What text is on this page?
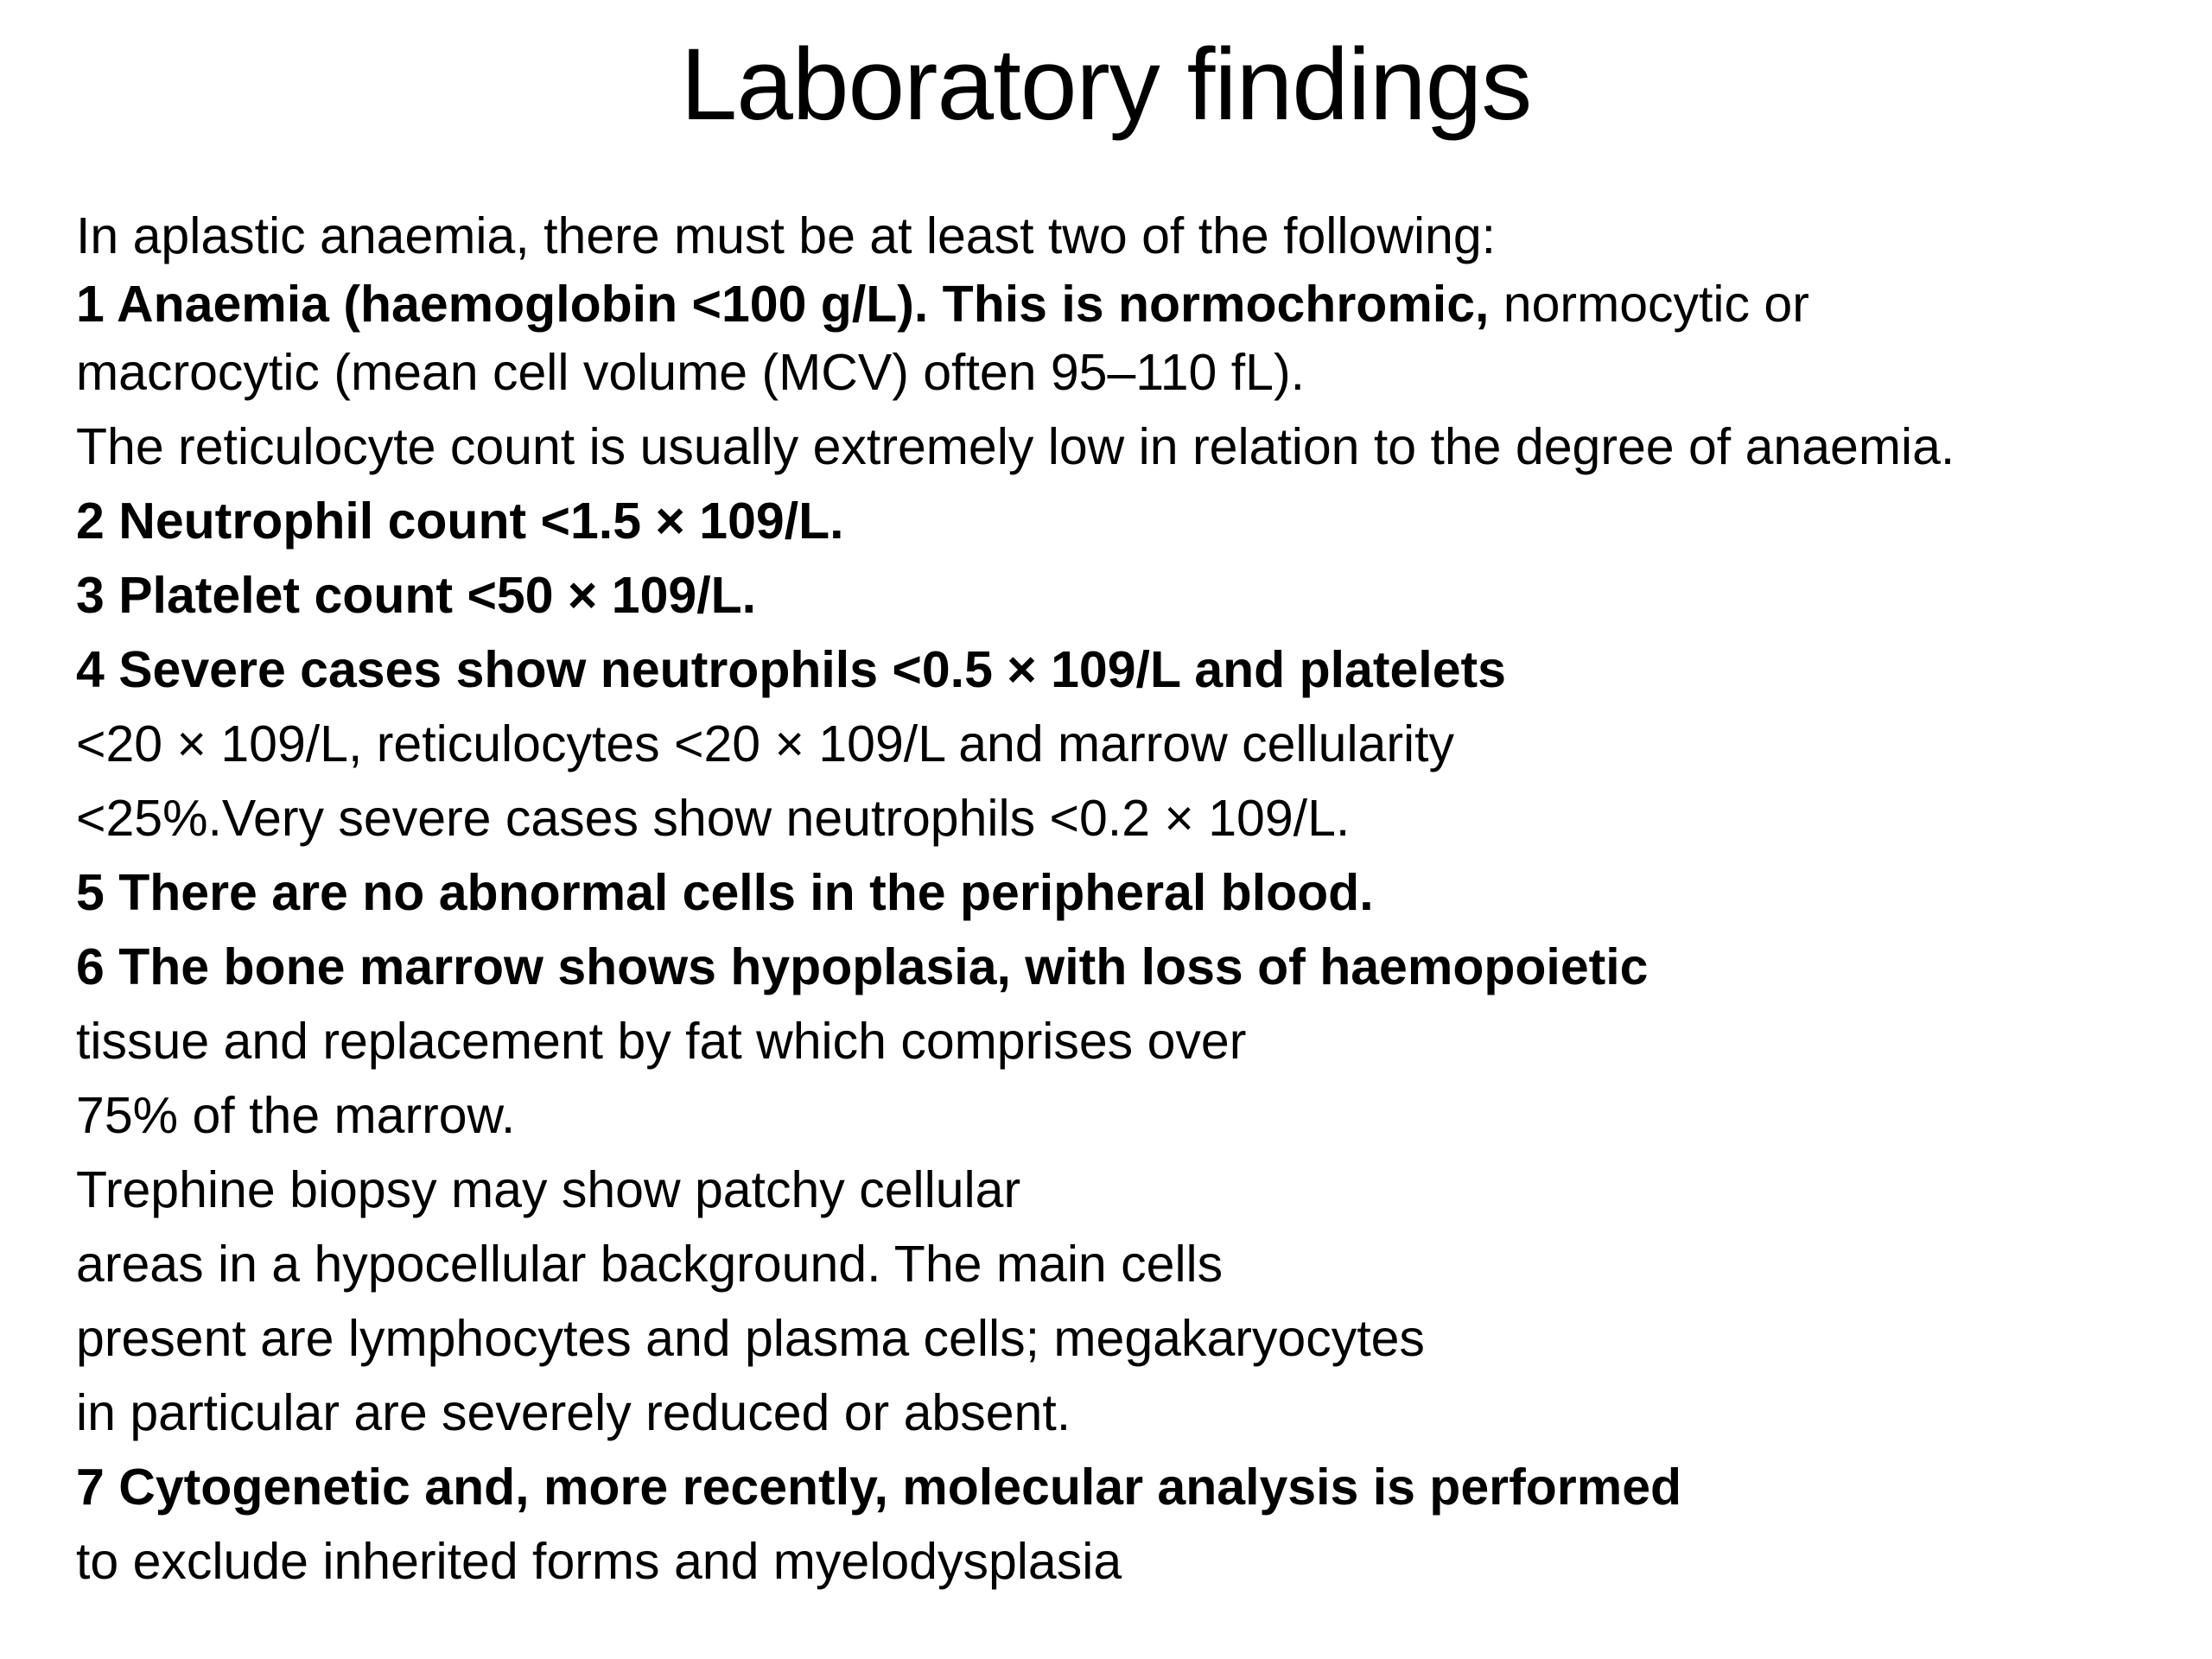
Laboratory findings
In aplastic anaemia, there must be at least two of the following:
1 Anaemia (haemoglobin <100 g/L). This is normochromic, normocytic or
macrocytic (mean cell volume (MCV) often 95–110 fL).
The reticulocyte count is usually extremely low in relation to the degree of anaemia.
2 Neutrophil count <1.5 × 109/L.
3 Platelet count <50 × 109/L.
4 Severe cases show neutrophils <0.5 × 109/L and platelets
<20 × 109/L, reticulocytes <20 × 109/L and marrow cellularity
<25%.Very severe cases show neutrophils <0.2 × 109/L.
5 There are no abnormal cells in the peripheral blood.
6 The bone marrow shows hypoplasia, with loss of haemopoietic
tissue and replacement by fat which comprises over
75% of the marrow.
Trephine biopsy may show patchy cellular
areas in a hypocellular background. The main cells
present are lymphocytes and plasma cells; megakaryocytes
in particular are severely reduced or absent.
7 Cytogenetic and, more recently, molecular analysis is performed
to exclude inherited forms and myelodysplasia
